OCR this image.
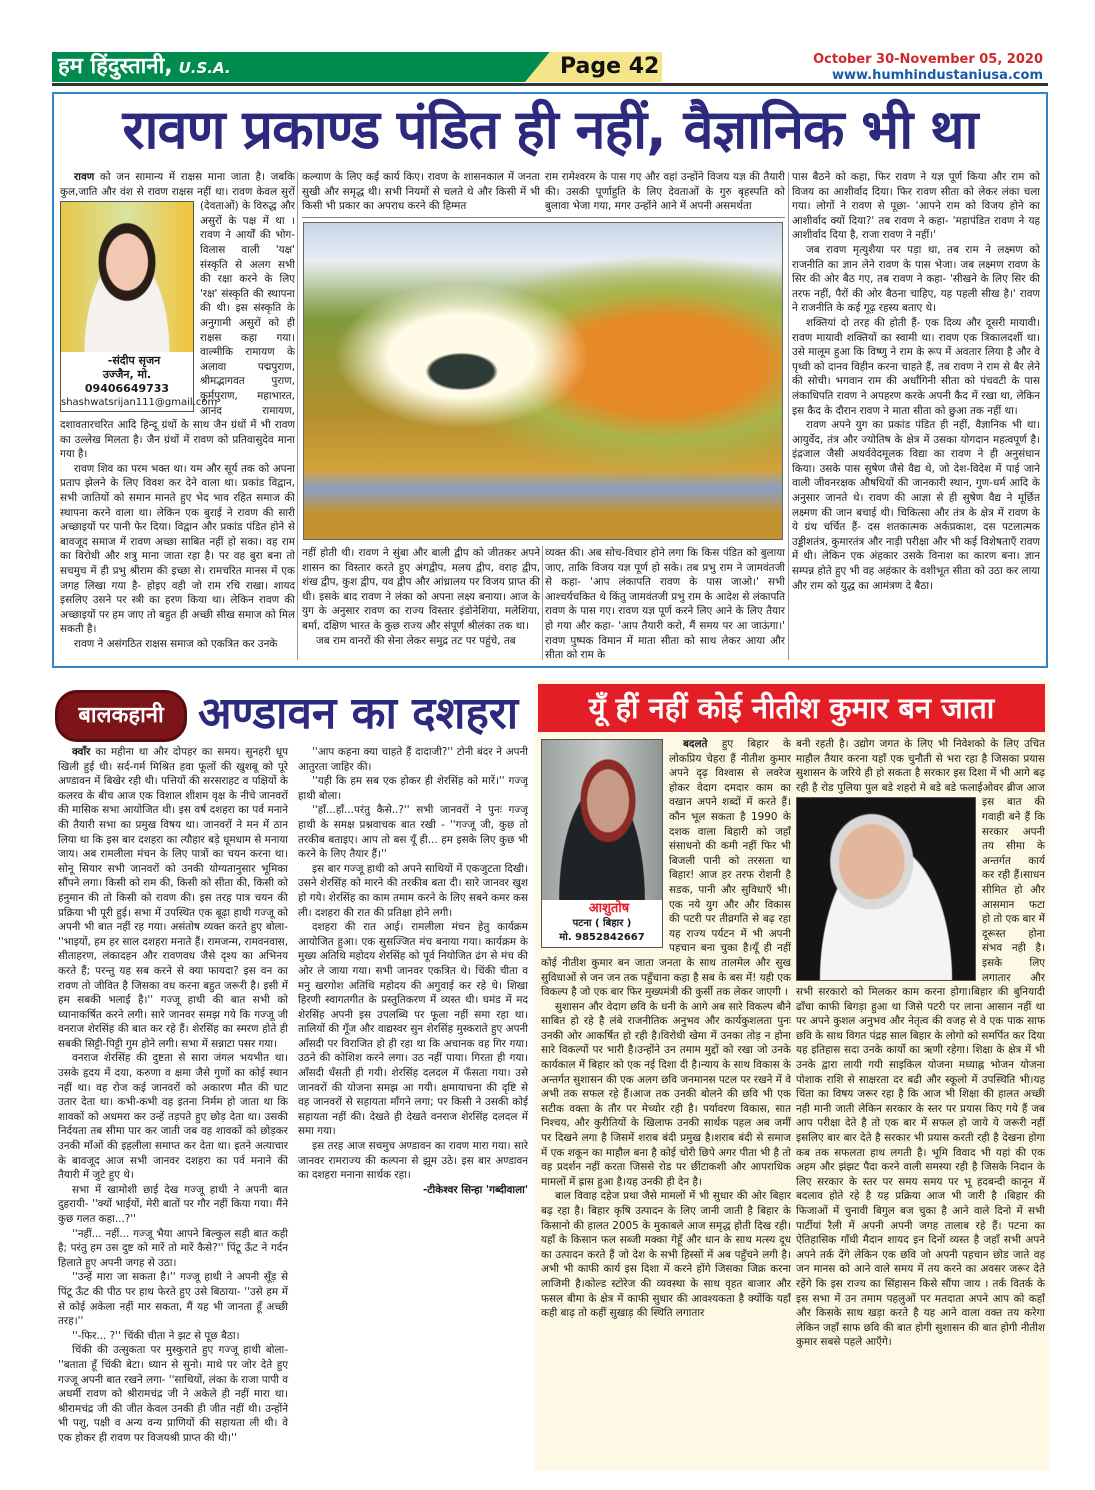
हम हिंदुस्तानी, U.S.A.	Page 42	October 30-November 05, 2020
www.humhindustaniusa.com
रावण प्रकाण्ड पंडित ही नहीं, वैज्ञानिक भी था

रावण को जन सामान्य में राक्षस माना जाता है। जबकि कुल,जाति और वंश से रावण राक्षस नहीं था। रावण केवल
-संदीप सृजन
उज्जैन, मो. 09406649733
shashwatsrijan111@gmail.com
सुरों (देवताओं) के विरुद्ध और असुरों के पक्ष में था । रावण ने आर्यों की भोग-विलास वाली 'यक्ष' संस्कृति से अलग सभी की रक्षा करने के लिए 'रक्ष' संस्कृति की स्थापना की थी। इस संस्कृति के अनुगामी असुरों को ही राक्षस कहा गया। वाल्मीकि रामायण के अलावा पद्मपुराण, श्रीमद्भागवत पुराण, कूर्मपुराण, महाभारत, आनंद रामायण, दशावतारचरित आदि हिन्दू ग्रंथों के साथ जैन ग्रंथों में भी रावण का उल्लेख मिलता है। जैन ग्रंथों में रावण को प्रतिवासुदेव माना गया है।

रावण शिव का परम भक्त था। यम और सूर्य तक को अपना प्रताप झेलने के लिए विवश कर देने वाला था। प्रकांड विद्वान, सभी जातियों को समान मानते हुए भेद भाव रहित समाज की स्थापना करने वाला था। लेकिन एक बुराई ने रावण की सारी अच्छाइयों पर पानी फेर दिया। विद्वान और प्रकांड पंडित होने से बावजूद समाज में रावण अच्छा साबित नहीं हो सका। वह राम का विरोधी और शत्रु माना जाता रहा है। पर वह बुरा बना तो सचमुच में ही प्रभु श्रीराम की इच्छा से। रामचरित मानस में एक जगह लिखा गया है- होइए वही जो राम रचि राखा। शायद इसलिए उसने पर स्त्री का हरण किया था। लेकिन रावण की अच्छाइयों पर हम जाए तो बहुत ही अच्छी सीख समाज को मिल सकती है।

रावण ने असंगठित राक्षस समाज को एकत्रित कर उनके

कल्याण के लिए कई कार्य किए। रावण के शासनकाल में जनता सुखी और समृद्ध थी। सभी नियमों से चलते थे और किसी में भी किसी भी प्रकार का अपराध करने की हिम्मत

राम रामेश्वरम के पास गए और वहां उन्होंने विजय यज्ञ की तैयारी की। उसकी पूर्णाहुति के लिए देवताओं के गुरु बृहस्पति को बुलावा भेजा गया, मगर उन्होंने आने में अपनी असमर्थता

नहीं होती थी। रावण ने सुंबा और बाली द्वीप को जीतकर अपने शासन का विस्तार करते हुए अंगद्वीप, मलय द्वीप, वराह द्वीप, शंख द्वीप, कुश द्वीप, यव द्वीप और आंध्रालय पर विजय प्राप्त की थी। इसके बाद रावण ने लंका को अपना लक्ष्य बनाया। आज के युग के अनुसार रावण का राज्य विस्तार इंडोनेशिया, मलेशिया, बर्मा, दक्षिण भारत के कुछ राज्य और संपूर्ण श्रीलंका तक था।

जब राम वानरों की सेना लेकर समुद्र तट पर पहुंचे, तब

व्यक्त की। अब सोच-विचार होने लगा कि किस पंडित को बुलाया जाए, ताकि विजय यज्ञ पूर्ण हो सके। तब प्रभु राम ने जामवंतजी से कहा- 'आप लंकापति रावण के पास जाओ।' सभी आश्चर्यचकित थे किंतु जामवंतजी प्रभु राम के आदेश से लंकापति रावण के पास गए। रावण यज्ञ पूर्ण करने लिए आने के लिए तैयार हो गया और कहा- 'आप तैयारी करो, मैं समय पर आ जाऊंगा।' रावण पुष्पक विमान में माता सीता को साथ लेकर आया और सीता को राम के

पास बैठने को कहा, फिर रावण ने यज्ञ पूर्ण किया और राम को विजय का आशीर्वाद दिया। फिर रावण सीता को लेकर लंका चला गया। लोगों ने रावण से पूछा- 'आपने राम को विजय होने का आशीर्वाद क्यों दिया?' तब रावण ने कहा- 'महापंडित रावण ने यह आशीर्वाद दिया है, राजा रावण ने नहीं।'

जब रावण मृत्युशैया पर पड़ा था, तब राम ने लक्ष्मण को राजनीति का ज्ञान लेने रावण के पास भेजा। जब लक्ष्मण रावण के सिर की ओर बैठ गए, तब रावण ने कहा- 'सीखने के लिए सिर की तरफ नहीं, पैरों की ओर बैठना चाहिए, यह पहली सीख है।' रावण ने राजनीति के कई गूढ़ रहस्य बताए थे।

शक्तियां दो तरह की होती हैं- एक दिव्य और दूसरी मायावी। रावण मायावी शक्तियों का स्वामी था। रावण एक त्रिकालदर्शी था। उसे मालूम हुआ कि विष्णु ने राम के रूप में अवतार लिया है और वे पृथ्वी को दानव विहीन करना चाहते हैं, तब रावण ने राम से बैर लेने की सोची। भगवान राम की अर्धांगिनी सीता को पंचवटी के पास लंकाधिपति रावण ने अपहरण करके अपनी कैद में रखा था, लेकिन इस कैद के दौरान रावण ने माता सीता को छुआ तक नहीं था।

रावण अपने युग का प्रकांड पंडित ही नहीं, वैज्ञानिक भी था। आयुर्वेद, तंत्र और ज्योतिष के क्षेत्र में उसका योगदान महत्वपूर्ण है। इंद्रजाल जैसी अथर्ववेदमूलक विद्या का रावण ने ही अनुसंधान किया। उसके पास सुषेण जैसे वैद्य थे, जो देश-विदेश में पाई जाने वाली जीवनरक्षक औषधियों की जानकारी स्थान, गुण-धर्म आदि के अनुसार जानते थे। रावण की आज्ञा से ही सुषेण वैद्य ने मूर्छित लक्ष्मण की जान बचाई थी। चिकित्सा और तंत्र के क्षेत्र में रावण के ये ग्रंथ चर्चित हैं- दस शतकात्मक अर्कप्रकाश, दस पटलात्मक उड्डीशतंत्र, कुमारतंत्र और नाड़ी परीक्षा और भी कई विशेषताएँ रावण में थी। लेकिन एक अंहकार उसके विनाश का कारण बना। ज्ञान सम्पन्न होते हुए भी वह अहंकार के वशीभूत सीता को उठा कर लाया और राम को युद्ध का आमंत्रण दे बैठा।

बालकहानी अण्डावन का दशहरा

क्वाँर का महीना था और दोपहर का समय। सुनहरी धूप खिली हुई थी। सर्द-गर्म मिश्रित हवा फूलों की खुशबू को पूरे अण्डावन में बिखेर रही थी। पत्तियों की सरसराहट व पक्षियों के कलरव के बीच आज एक विशाल शीशम वृक्ष के नीचे जानवरों की मासिक सभा आयोजित थी। इस वर्ष दशहरा का पर्व मनाने की तैयारी सभा का प्रमुख विषय था। जानवरों ने मन में ठान लिया था कि इस बार दशहरा का त्यौहार बड़े धूमधाम से मनाया जाय। अब रामलीला मंचन के लिए पात्रों का चयन करना था। सोनू सियार सभी जानवरों को उनकी योग्यतानुसार भूमिका सौंपने लगा। किसी को राम की, किसी को सीता की, किसी को हनुमान की तो किसी को रावण की। इस तरह पात्र चयन की प्रक्रिया भी पूरी हुई। सभा में उपस्थित एक बूढ़ा हाथी गज्जू को अपनी भी बात नहीं रह गया। असंतोष व्यक्त करते हुए बोला- ''भाइयों, हम हर साल दशहरा मनाते हैं। रामजन्म, रामवनवास, सीताहरण, लंकादहन और रावणवध जैसे दृश्य का अभिनय करते हैं; परन्तु यह सब करने से क्या फायदा? इस वन का रावण तो जीवित है जिसका वध करना बहुत जरूरी है। इसी में हम सबकी भलाई है।'' गज्जू हाथी की बात सभी को ध्यानाकर्षित करने लगी। सारे जानवर समझ गये कि गज्जू जी वनराज शेरसिंह की बात कर रहे हैं। शेरसिंह का स्मरण होते ही सबकी सिट्टी-पिट्टी गुम होने लगी। सभा में सन्नाटा पसर गया।

वनराज शेरसिंह की दुष्टता से सारा जंगल भयभीत था। उसके हृदय में दया, करुणा व क्षमा जैसे गुणों का कोई स्थान नहीं था। वह रोज कई जानवरों को अकारण मौत की घाट उतार देता था। कभी-कभी वह इतना निर्मम हो जाता था कि शावकों को अधमरा कर उन्हें तड़पते हुए छोड़ देता था। उसकी निर्दयता तब सीमा पार कर जाती जब वह शावकों को छोड़कर उनकी माँओं की इहलीला समाप्त कर देता था। इतने अत्याचार के बावजूद आज सभी जानवर दशहरा का पर्व मनाने की तैयारी में जुटे हुए थे।

सभा में खामोशी छाई देख गज्जू हाथी ने अपनी बात दुहरायी- ''क्यों भाईयों, मेरी बातों पर गौर नहीं किया गया। मैंने कुछ गलत कहा...?''

''नहीं... नहीं... गज्जू भैया आपने बिल्कुल सही बात कही है; परंतु हम उस दुष्ट को मारें तो मारें कैसे?'' पिंटू ऊँट ने गर्दन हिलाते हुए अपनी जगह से उठा।

''उन्हें मारा जा सकता है।'' गज्जू हाथी ने अपनी सूँड़ से पिंटू ऊँट की पीठ पर हाथ फेरते हुए उसे बिठाया- ''उसे हम में से कोई अकेला नहीं मार सकता, मैं यह भी जानता हूँ अच्छी तरह।''

''-फिर... ?'' चिंकी चीता ने झट से पूछ बैठा।

चिंकी की उत्सुकता पर मुस्कुराते हुए गज्जू हाथी बोला- ''बताता हूँ चिंकी बेटा। ध्यान से सुनो। माथे पर जोर देते हुए गज्जू अपनी बात रखने लगा- ''साथियों, लंका के राजा पापी व अधर्मी रावण को श्रीरामचंद्र जी ने अकेले ही नहीं मारा था। श्रीरामचंद्र जी की जीत केवल उनकी ही जीत नहीं थी। उन्होंने भी पशु, पक्षी व अन्य वन्य प्राणियों की सहायता ली थी। वे एक होकर ही रावण पर विजयश्री प्राप्त की थी।''

''आप कहना क्या चाहते हैं दादाजी?'' टोनी बंदर ने अपनी आतुरता जाहिर की।

''यही कि हम सब एक होकर ही शेरसिंह को मारें।'' गज्जू हाथी बोला।

''हाँ...हाँ...परंतु कैसे..?'' सभी जानवरों ने पुनः गज्जू हाथी के समक्ष प्रश्नवाचक बात रखी - ''गज्जू जी, कुछ तो तरकीब बताइए। आप तो बस यूँ ही... हम इसके लिए कुछ भी करने के लिए तैयार हैं।''

इस बार गज्जू हाथी को अपने साथियों में एकजुटता दिखी। उसने शेरसिंह को मारने की तरकीब बता दी। सारे जानवर खुश हो गये। शेरसिंह का काम तमाम करने के लिए सबने कमर कस ली। दशहरा की रात की प्रतिक्षा होने लगी।

दशहरा की रात आई। रामलीला मंचन हेतु कार्यक्रम आयोजित हुआ। एक सुसज्जित मंच बनाया गया। कार्यक्रम के मुख्य अतिथि महोदय शेरसिंह को पूर्व नियोजित ढंग से मंच की ओर ले जाया गया। सभी जानवर एकत्रित थे। चिंकी चीता व मनु खरगोश अतिथि महोदय की अगुवाई कर रहे थे। शिखा हिरणी स्वागतगीत के प्रस्तुतिकरण में व्यस्त थी। घमंड में मद शेरसिंह अपनी इस उपलब्धि पर फूला नहीं समा रहा था। तालियों की गूँज और वाद्यस्वर सुन शेरसिंह मुस्कराते हुए अपनी आँसदी पर विराजित हो ही रहा था कि अचानक वह गिर गया। उठने की कोशिश करने लगा। उठ नहीं पाया। गिरता ही गया। आँसदी धँसती ही गयी। शेरसिंह दलदल में फँसता गया। उसे जानवरों की योजना समझ आ गयी। क्षमायाचना की दृष्टि से वह जानवरों से सहायता माँगने लगा; पर किसी ने उसकी कोई सहायता नहीं की। देखते ही देखते वनराज शेरसिंह दलदल में समा गया।

इस तरह आज सचमुच अण्डावन का रावण मारा गया। सारे जानवर रामराज्य की कल्पना से झूम उठे। इस बार अण्डावन का दशहरा मनाना सार्थक रहा।

-टीकेश्वर सिन्हा 'गब्दीवाला'

यूँ हीं नहीं कोई नीतीश कुमार बन जाता

बदलते
आशुतोष
पटना ( बिहार )
मो. 9852842667
हुए बिहार के लोकप्रिय चेहरा हैं नीतीश कुमार अपने दृढ़ विश्वास से लवरेज होकर वेदाग दमदार काम का वखान अपने शब्दों में करते हैं।कौन भूल सकता है 1990 के दशक वाला बिहारी को जहाँ संसाधनो की कमी नहीं फिर भी बिजली पानी को तरसता था बिहार! आज हर तरफ रोशनी है सडक, पानी और सुविधाएँ भी।एक नये युग और और विकास की पटरी पर तीव्रगति से बढ़ रहा यह राज्य पर्यटन में भी अपनी पहचान बना चुका है।यूँ ही नहीं कोई नीतीश कुमार बन जाता जनता के साथ तालमेल और सुख सुविधाओं से जन जन तक पहुँचाना कहा है सब के बस में! यही एक विकल्प है जो एक बार फिर मुख्यमंत्री की कुर्सी तक लेकर जाएगी ।

सुशासन और वेदाग छवि के धनी के आगे अब सारे विकल्प बौने साबित हो रहे है लंबे राजनीतिक अनुभव और कार्यकुशलता पुनः उनकी ओर आकर्षित हो रही है।विरोधी खेमा में उनका तोड़ न होना सारे विकल्पों पर भारी है।उन्होंने उन तमाम मुद्दों को रखा जो उनके कार्यकाल में बिहार को एक नई दिशा दी है।न्याय के साथ विकास के अन्तर्गत सुशासन की एक अलग छवि जनमानस पटल पर रखने में वे अभी तक सफल रहे हैं।आज तक उनकी बोलने की छवि भी एक सटीक वक्ता के तौर पर मेच्योर रही है। पर्यावरण विकास, सात निश्चय, और कुरीतियों के खिलाफ उनकी सार्थक पहल अब जमीं पर दिखने लगा है जिसमें शराब बंदी प्रमुख है।शराब बंदी से समाज में एक शकून का माहौल बना है कोई चोरी छिपे अगर पीता भी है तो वह प्रदर्शन नहीं करता जिससे रोड पर छींटाकशी और आपराधिक मामलों में ह्रास हुआ है।यह उनकी ही देन है।

बाल विवाह दहेज प्रथा जैसे मामलों में भी सुधार की ओर बिहार बढ़ रहा है। बिहार कृषि उत्पादन के लिए जानी जाती है बिहार के किसानो की हालत 2005 के मुकाबले आज समृद्ध होती दिख रही। यहाँ के किसान फल सब्जी मक्का गेहूँ और धान के साथ मत्स्य दूध का उत्पादन करते हैं जो देश के सभी हिस्सों में अब पहुँचने लगी है।अभी भी काफी कार्य इस दिशा में करने होंगे जिसका जिक्र करना लाजिमी है।कोल्ड स्टोरेज की व्यवस्था के साथ वृहत बाजार और फसल बीमा के क्षेत्र में काफी सुधार की आवश्यकता है क्योंकि यहाँ कही बाढ़ तो कहीं सुखाड़ की स्थिति लगातार

बनी रहती है। उद्योग जगत के लिए भी निवेशको के लिए उचित माहौल तैयार करना यहाँ एक चुनौती से भरा रहा है जिसका प्रयास सुशासन के जरिये ही हो सकता है सरकार इस दिशा में भी आगे बढ़ रही है रोड पुलिया पुल बडे शहरो
मे बडे बडे फलाईओवर ब्रीज आज इस बात की गवाही बने हैं कि सरकार अपनी तय सीमा के अन्तर्गत कार्य कर रही हैं।साधन सीमित हो और आसमान फटा हो तो एक बार में दूरूस्त होना संभव नही है। इसके लिए लगातार और सभी सरकारो को मिलकर काम करना होगा।बिहार की बुनियादी ढाँचा काफी बिगड़ा हुआ था जिसे पटरी पर लाना आसान नहीं था पर अपने कुशल अनुभव और नेतृत्व की वजह से वे एक पाक साफ छवि के साथ विगत पंद्रह साल बिहार के लोगो को समर्पित कर दिया यह इतिहास सदा उनके कार्यो का ऋणी रहेगा। शिक्षा के क्षेत्र में भी उनके द्वारा लायी गयी साइकिल योजना मध्याह्न भोजन योजना पोशाक राशि से साक्षरता दर बढी और स्कूलो में उपस्थिति भी।यह चिंता का विषय जरूर रहा है कि आज भी शिक्षा की हालत अच्छी नही मानी जाती लेकिन सरकार के स्तर पर प्रयास किए गये हैं जब आप परीक्षा देते है तो एक बार में सफल हो जाये ये जरूरी नहीं इसलिए बार बार देते है सरकार भी प्रयास करती रही है देखना होगा कब तक सफलता हाथ लगती है। भूमि विवाद भी यहां की एक अहम और झंझट पैदा करने वाली समस्या रही है जिसके निदान के लिए सरकार के स्तर पर समय समय पर भू हदबन्दी कानून में बदलाव होते रहे है यह प्रक्रिया आज भी जारी है ।बिहार की फिजाओं में चुनावी बिगुल बज चुका है आने वाले दिनो में सभी पार्टीयां रैली में अपनी अपनी जगह तालाब रहे हैं। पटना का ऐतिहासिक गाँधी मैदान शायद इन दिनों व्यस्त है जहाँ सभी अपने अपने तर्क देंगे लेकिन एक छवि जो अपनी पहचान छोड जाते वह जन मानस को आने वाले समय में तय करने का अवसर जरूर देते रहेंगे कि इस राज्य का सिंहासन किसे सौंपा जाय । तर्क वितर्क के इस सभा में उन तमाम पहलुओं पर मतदाता अपने आप को कहाँ और किसके साथ खड़ा करते है यह आने वाला वक्त तय करेगा लेकिन जहाँ साफ छवि की बात होगी सुशासन की बात होगी नीतीश कुमार सबसे पहले आएँगे।
